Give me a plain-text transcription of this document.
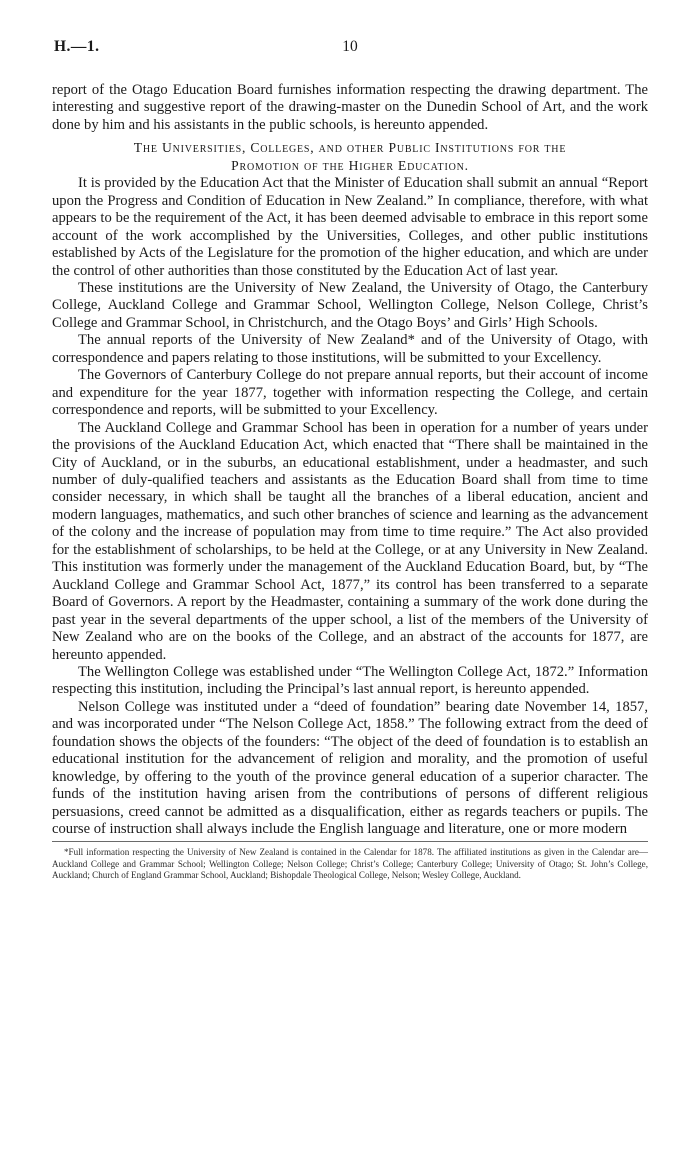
H.—1.	10

report of the Otago Education Board furnishes information respecting the drawing department. The interesting and suggestive report of the drawing-master on the Dunedin School of Art, and the work done by him and his assistants in the public schools, is hereunto appended.

The Universities, Colleges, and other Public Institutions for the
Promotion of the Higher Education.

It is provided by the Education Act that the Minister of Education shall submit an annual “Report upon the Progress and Condition of Education in New Zealand.” In compliance, therefore, with what appears to be the requirement of the Act, it has been deemed advisable to embrace in this report some account of the work accomplished by the Universities, Colleges, and other public institutions established by Acts of the Legislature for the promotion of the higher education, and which are under the control of other authorities than those constituted by the Education Act of last year.

These institutions are the University of New Zealand, the University of Otago, the Canterbury College, Auckland College and Grammar School, Wellington College, Nelson College, Christ’s College and Grammar School, in Christchurch, and the Otago Boys’ and Girls’ High Schools.

The annual reports of the University of New Zealand* and of the University of Otago, with correspondence and papers relating to those institutions, will be submitted to your Excellency.

The Governors of Canterbury College do not prepare annual reports, but their account of income and expenditure for the year 1877, together with information respecting the College, and certain correspondence and reports, will be submitted to your Excellency.

The Auckland College and Grammar School has been in operation for a number of years under the provisions of the Auckland Education Act, which enacted that “There shall be maintained in the City of Auckland, or in the suburbs, an educational establishment, under a headmaster, and such number of duly-qualified teachers and assistants as the Education Board shall from time to time consider necessary, in which shall be taught all the branches of a liberal education, ancient and modern languages, mathematics, and such other branches of science and learning as the advancement of the colony and the increase of population may from time to time require.” The Act also provided for the establishment of scholarships, to be held at the College, or at any University in New Zealand. This institution was formerly under the management of the Auckland Education Board, but, by “The Auckland College and Grammar School Act, 1877,” its control has been transferred to a separate Board of Governors. A report by the Headmaster, containing a summary of the work done during the past year in the several departments of the upper school, a list of the members of the University of New Zealand who are on the books of the College, and an abstract of the accounts for 1877, are hereunto appended.

The Wellington College was established under “The Wellington College Act, 1872.” Information respecting this institution, including the Principal’s last annual report, is hereunto appended.

Nelson College was instituted under a “deed of foundation” bearing date November 14, 1857, and was incorporated under “The Nelson College Act, 1858.” The following extract from the deed of foundation shows the objects of the founders: “The object of the deed of foundation is to establish an educational institution for the advancement of religion and morality, and the promotion of useful knowledge, by offering to the youth of the province general education of a superior character. The funds of the institution having arisen from the contributions of persons of different religious persuasions, creed cannot be admitted as a disqualification, either as regards teachers or pupils. The course of instruction shall always include the English language and literature, one or more modern

*Full information respecting the University of New Zealand is contained in the Calendar for 1878. The affiliated institutions as given in the Calendar are—Auckland College and Grammar School; Wellington College; Nelson College; Christ’s College; Canterbury College; University of Otago; St. John’s College, Auckland; Church of England Grammar School, Auckland; Bishopdale Theological College, Nelson; Wesley College, Auckland.
